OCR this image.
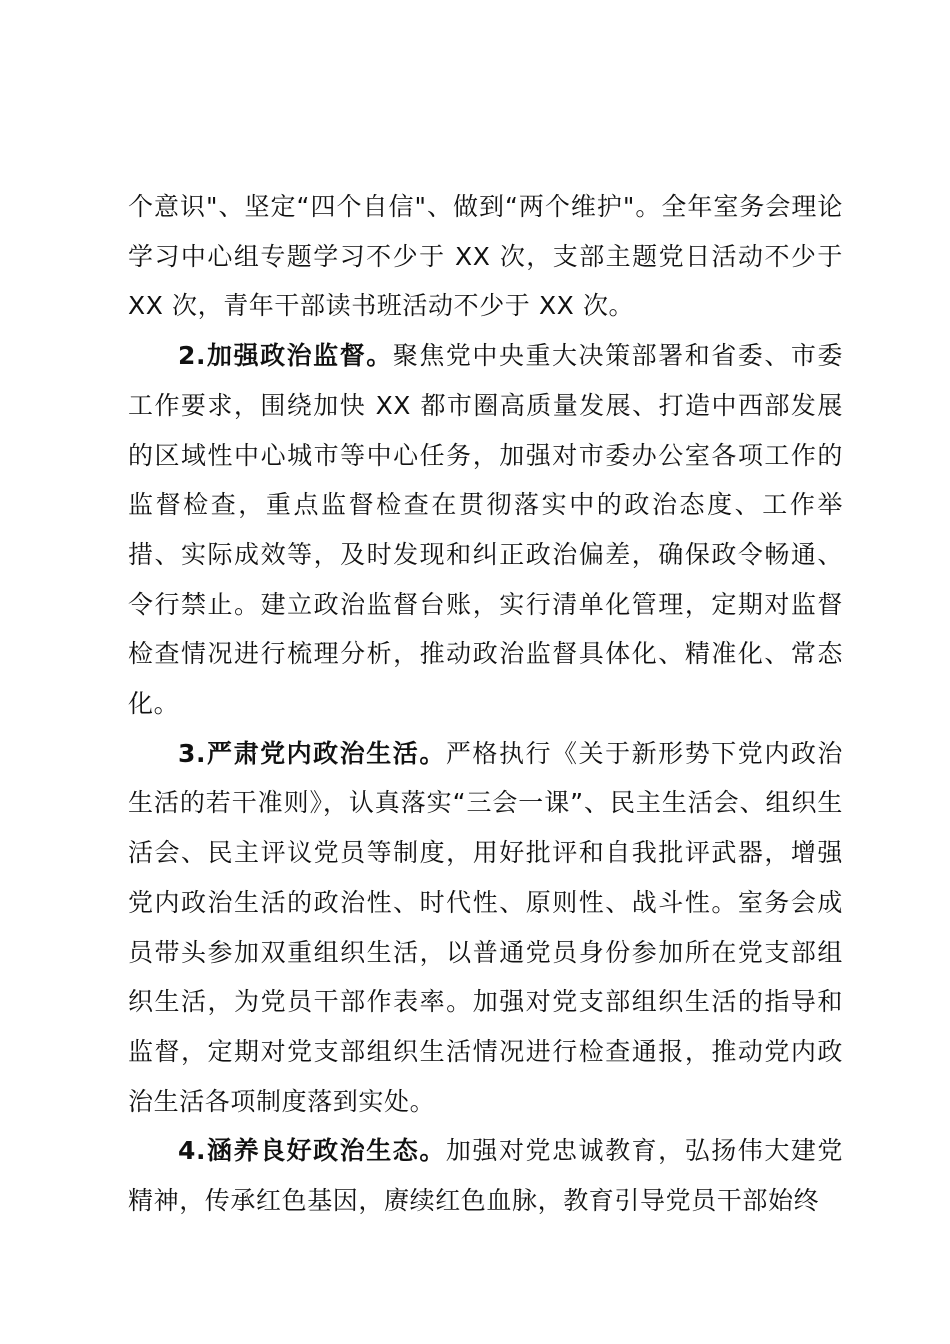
个意识"、坚定“四个自信"、做到“两个维护"。全年室务会理论学习中心组专题学习不少于 XX 次，支部主题党日活动不少于 XX 次，青年干部读书班活动不少于 XX 次。

2.加强政治监督。聚焦党中央重大决策部署和省委、市委工作要求，围绕加快 XX 都市圈高质量发展、打造中西部发展的区域性中心城市等中心任务，加强对市委办公室各项工作的监督检查，重点监督检查在贯彻落实中的政治态度、工作举措、实际成效等，及时发现和纠正政治偏差，确保政令畅通、令行禁止。建立政治监督台账，实行清单化管理，定期对监督检查情况进行梳理分析，推动政治监督具体化、精准化、常态化。

3.严肃党内政治生活。严格执行《关于新形势下党内政治生活的若干准则》，认真落实“三会一课”、民主生活会、组织生活会、民主评议党员等制度，用好批评和自我批评武器，增强党内政治生活的政治性、时代性、原则性、战斗性。室务会成员带头参加双重组织生活，以普通党员身份参加所在党支部组织生活，为党员干部作表率。加强对党支部组织生活的指导和监督，定期对党支部组织生活情况进行检查通报，推动党内政治生活各项制度落到实处。

4.涵养良好政治生态。加强对党忠诚教育，弘扬伟大建党精神，传承红色基因，赓续红色血脉，教育引导党员干部始终
